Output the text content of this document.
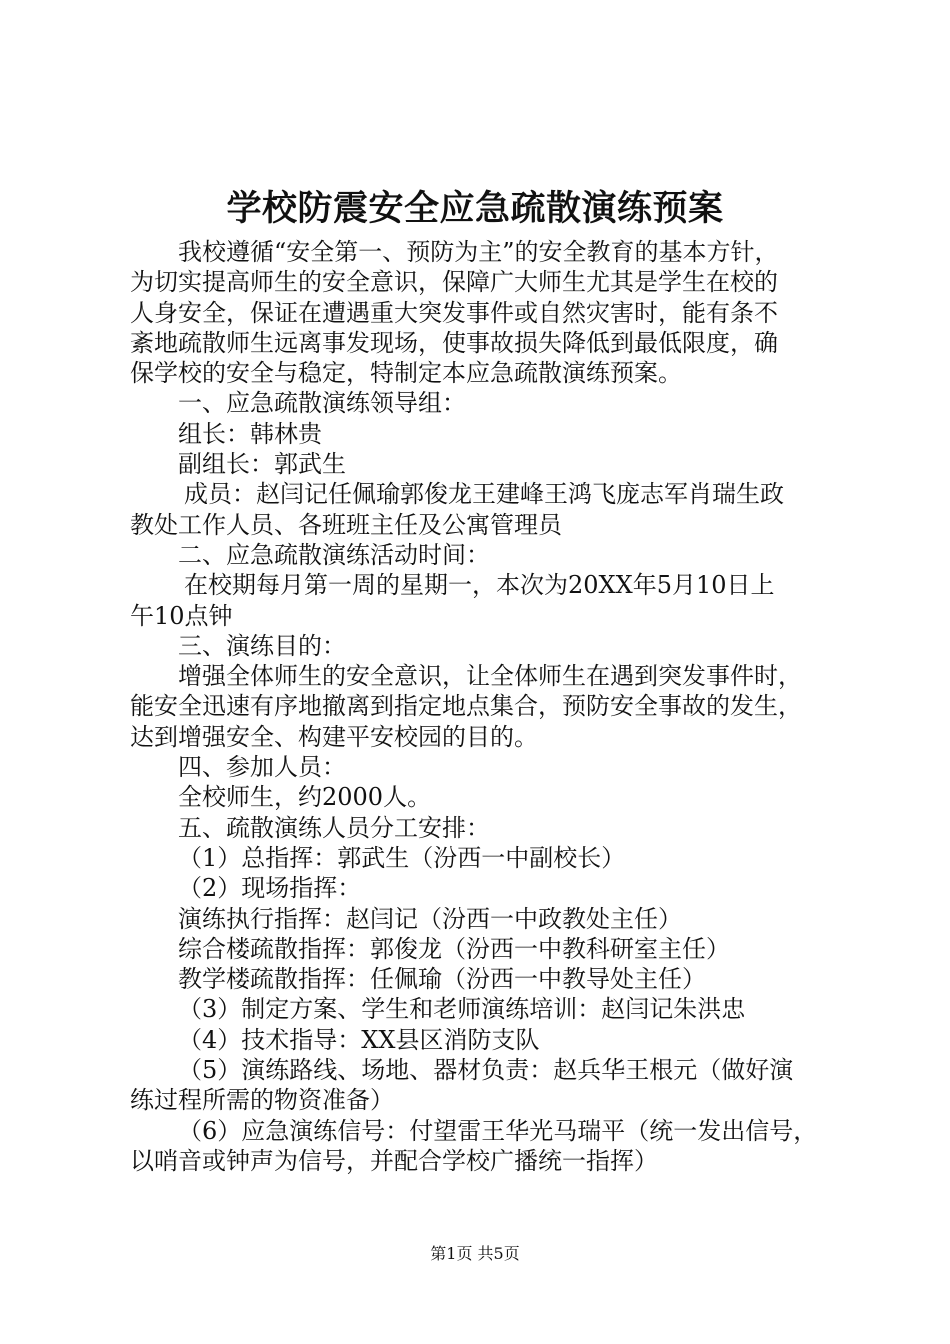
学校防震安全应急疏散演练预案
我校遵循“安全第一、预防为主”的安全教育的基本方针，
为切实提高师生的安全意识，保障广大师生尤其是学生在校的
人身安全，保证在遭遇重大突发事件或自然灾害时，能有条不
紊地疏散师生远离事发现场，使事故损失降低到最低限度，确
保学校的安全与稳定，特制定本应急疏散演练预案。
一、应急疏散演练领导组：
组长：韩林贵
副组长：郭武生
成员：赵闫记任佩瑜郭俊龙王建峰王鸿飞庞志军肖瑞生政
教处工作人员、各班班主任及公寓管理员
二、应急疏散演练活动时间：
在校期每月第一周的星期一，本次为20XX年5月10日上
午10点钟
三、演练目的：
增强全体师生的安全意识，让全体师生在遇到突发事件时，
能安全迅速有序地撤离到指定地点集合，预防安全事故的发生，
达到增强安全、构建平安校园的目的。
四、参加人员：
全校师生，约2000人。
五、疏散演练人员分工安排：
（1）总指挥：郭武生（汾西一中副校长）
（2）现场指挥：
演练执行指挥：赵闫记（汾西一中政教处主任）
综合楼疏散指挥：郭俊龙（汾西一中教科研室主任）
教学楼疏散指挥：任佩瑜（汾西一中教导处主任）
（3）制定方案、学生和老师演练培训：赵闫记朱洪忠
（4）技术指导：XX县区消防支队
（5）演练路线、场地、器材负责：赵兵华王根元（做好演
练过程所需的物资准备）
（6）应急演练信号：付望雷王华光马瑞平（统一发出信号，
以哨音或钟声为信号，并配合学校广播统一指挥）
第1页 共5页
